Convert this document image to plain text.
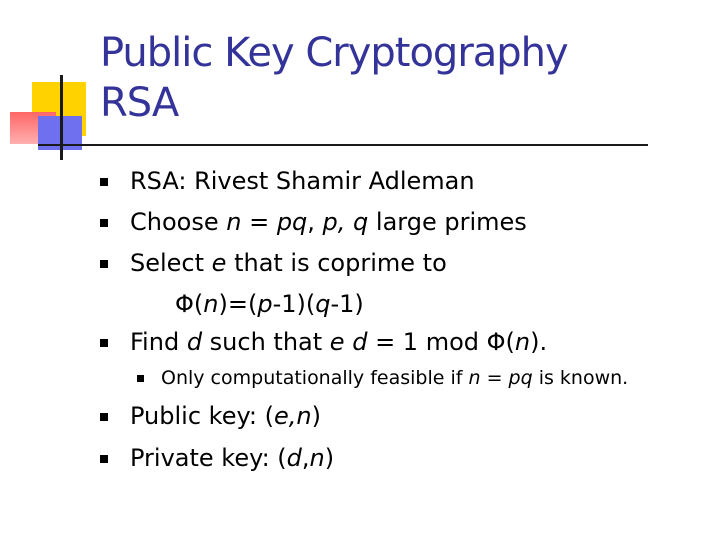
Public Key Cryptography
RSA
RSA: Rivest Shamir Adleman
Choose n = pq, p, q large primes
Select e that is coprime to
Φ(n)=(p-1)(q-1)
Find d such that e d = 1 mod Φ(n).
Only computationally feasible if n = pq is known.
Public key: (e,n)
Private key: (d,n)
